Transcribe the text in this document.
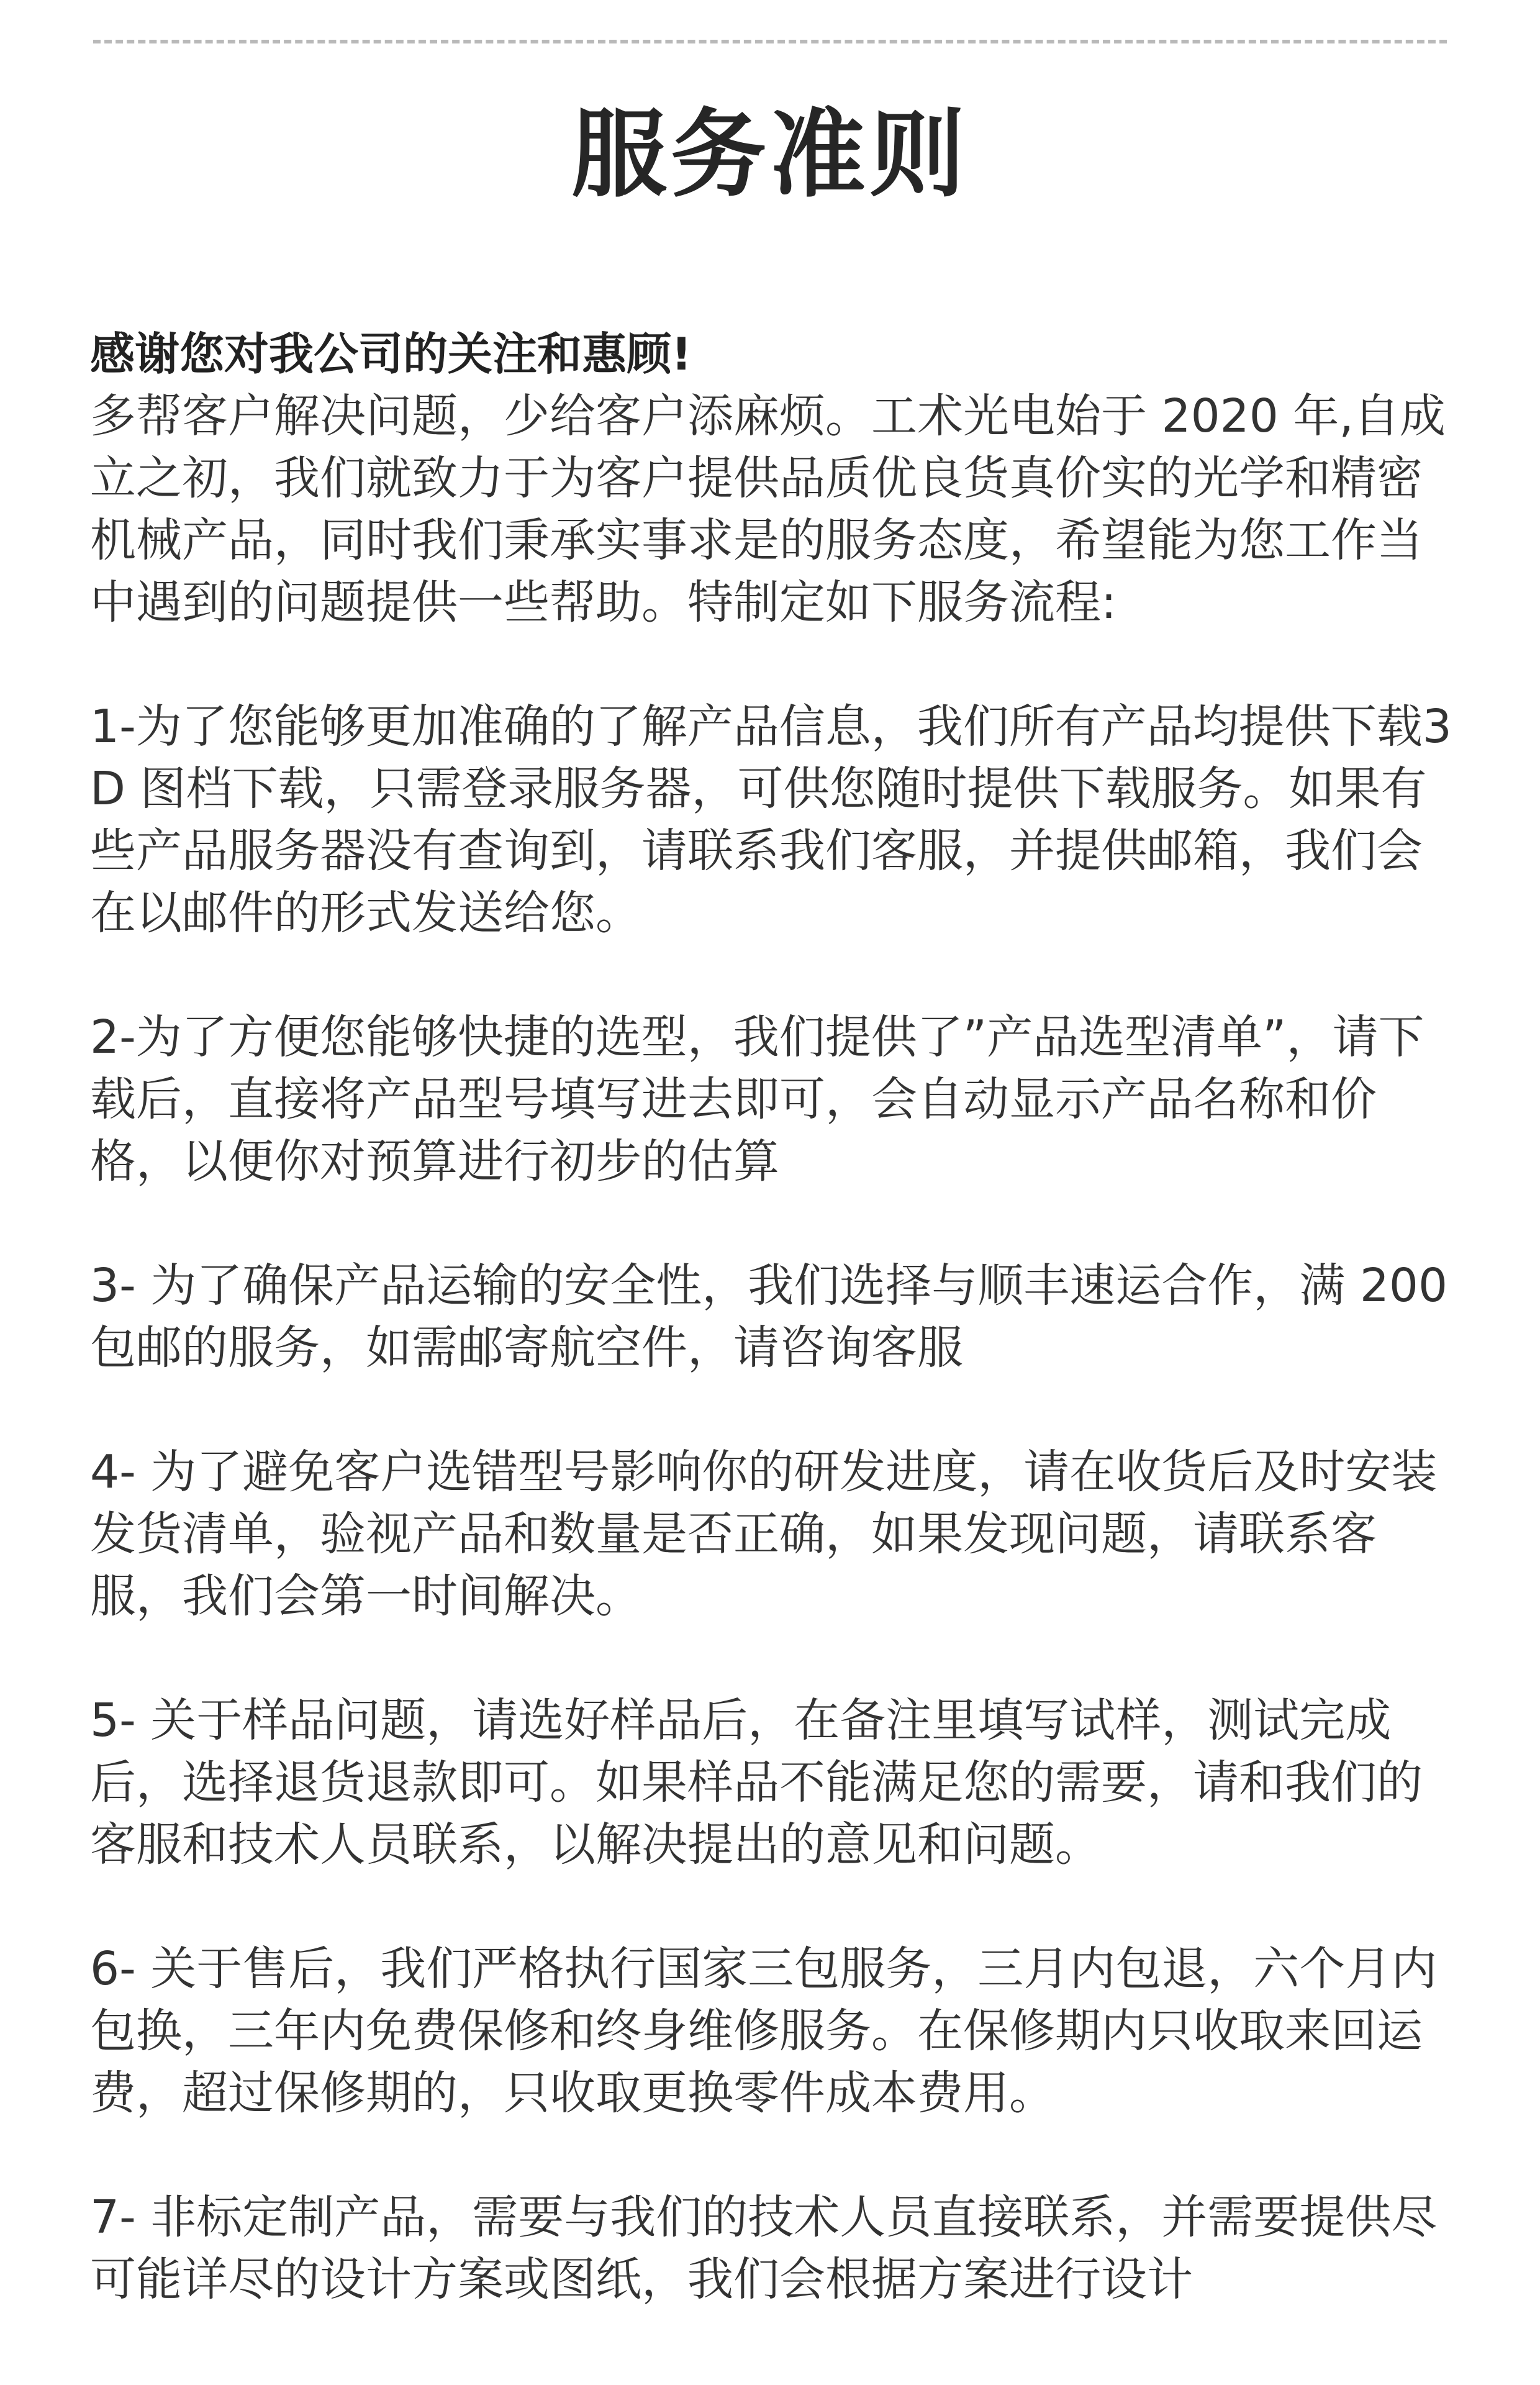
服务准则
感谢您对我公司的关注和惠顾!

多帮客户解决问题，少给客户添麻烦。工术光电始于 2020 年,自成立之初，我们就致力于为客户提供品质优良货真价实的光学和精密机械产品，同时我们秉承实事求是的服务态度，希望能为您工作当中遇到的问题提供一些帮助。特制定如下服务流程:

1-为了您能够更加准确的了解产品信息，我们所有产品均提供下载3D 图档下载，只需登录服务器，可供您随时提供下载服务。如果有些产品服务器没有查询到，请联系我们客服，并提供邮箱，我们会在以邮件的形式发送给您。

2-为了方便您能够快捷的选型，我们提供了”产品选型清单”，请下载后，直接将产品型号填写进去即可，会自动显示产品名称和价格，以便你对预算进行初步的估算

3- 为了确保产品运输的安全性，我们选择与顺丰速运合作，满 200 包邮的服务，如需邮寄航空件，请咨询客服

4- 为了避免客户选错型号影响你的研发进度，请在收货后及时安装发货清单，验视产品和数量是否正确，如果发现问题，请联系客服，我们会第一时间解决。

5- 关于样品问题，请选好样品后，在备注里填写试样，测试完成后，选择退货退款即可。如果样品不能满足您的需要，请和我们的客服和技术人员联系，以解决提出的意见和问题。

6- 关于售后，我们严格执行国家三包服务，三月内包退，六个月内包换，三年内免费保修和终身维修服务。在保修期内只收取来回运费，超过保修期的，只收取更换零件成本费用。

7- 非标定制产品，需要与我们的技术人员直接联系，并需要提供尽可能详尽的设计方案或图纸，我们会根据方案进行设计
